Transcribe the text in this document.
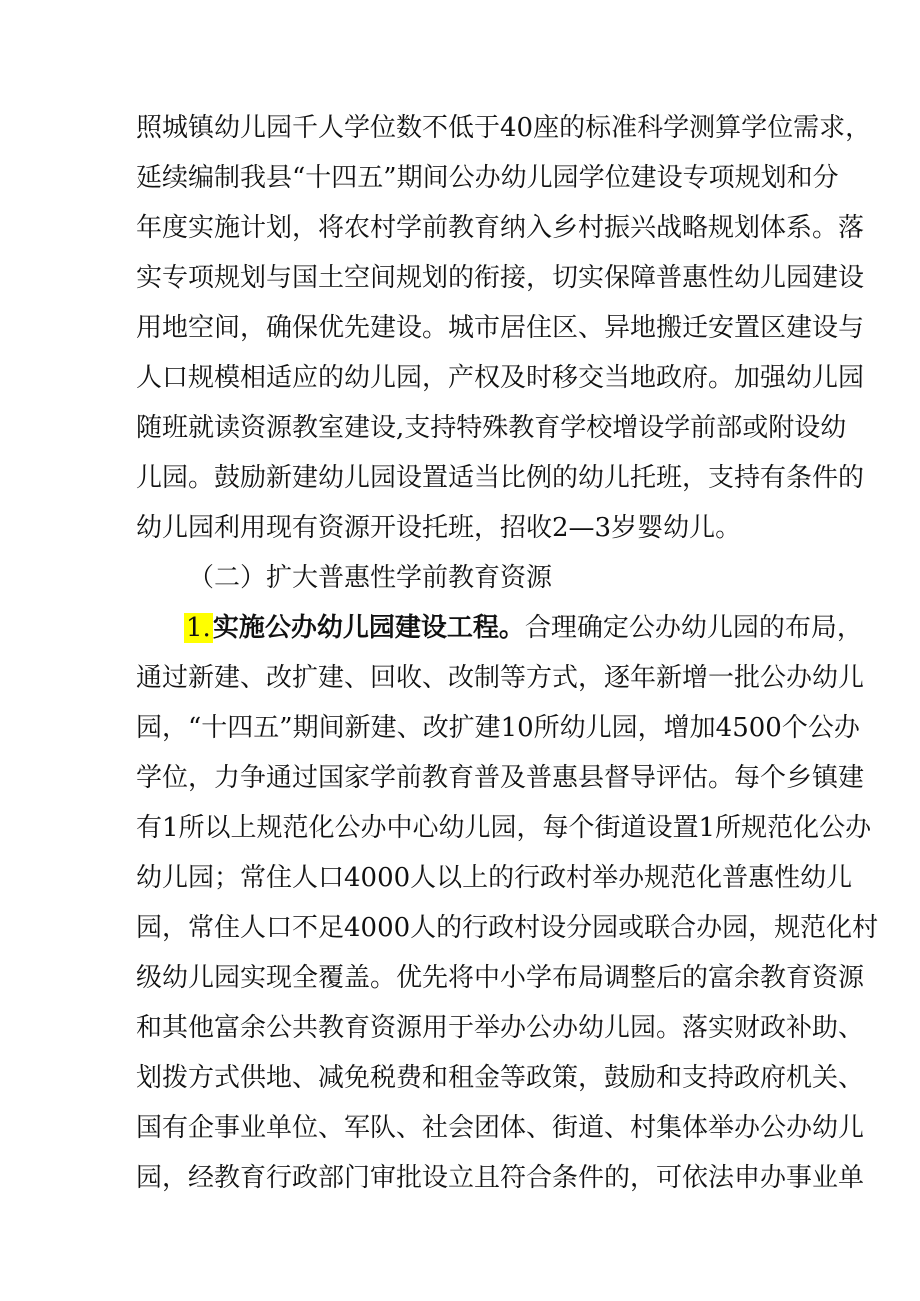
照城镇幼儿园千人学位数不低于40座的标准科学测算学位需求，
延续编制我县“十四五”期间公办幼儿园学位建设专项规划和分
年度实施计划，将农村学前教育纳入乡村振兴战略规划体系。落
实专项规划与国土空间规划的衔接，切实保障普惠性幼儿园建设
用地空间，确保优先建设。城市居住区、异地搬迁安置区建设与
人口规模相适应的幼儿园，产权及时移交当地政府。加强幼儿园
随班就读资源教室建设,支持特殊教育学校增设学前部或附设幼
儿园。鼓励新建幼儿园设置适当比例的幼儿托班，支持有条件的
幼儿园利用现有资源开设托班，招收2—3岁婴幼儿。
（二）扩大普惠性学前教育资源
1.实施公办幼儿园建设工程。合理确定公办幼儿园的布局，
通过新建、改扩建、回收、改制等方式，逐年新增一批公办幼儿
园，“十四五”期间新建、改扩建10所幼儿园，增加4500个公办
学位，力争通过国家学前教育普及普惠县督导评估。每个乡镇建
有1所以上规范化公办中心幼儿园，每个街道设置1所规范化公办
幼儿园；常住人口4000人以上的行政村举办规范化普惠性幼儿
园，常住人口不足4000人的行政村设分园或联合办园，规范化村
级幼儿园实现全覆盖。优先将中小学布局调整后的富余教育资源
和其他富余公共教育资源用于举办公办幼儿园。落实财政补助、
划拨方式供地、减免税费和租金等政策，鼓励和支持政府机关、
国有企事业单位、军队、社会团体、街道、村集体举办公办幼儿
园，经教育行政部门审批设立且符合条件的，可依法申办事业单
